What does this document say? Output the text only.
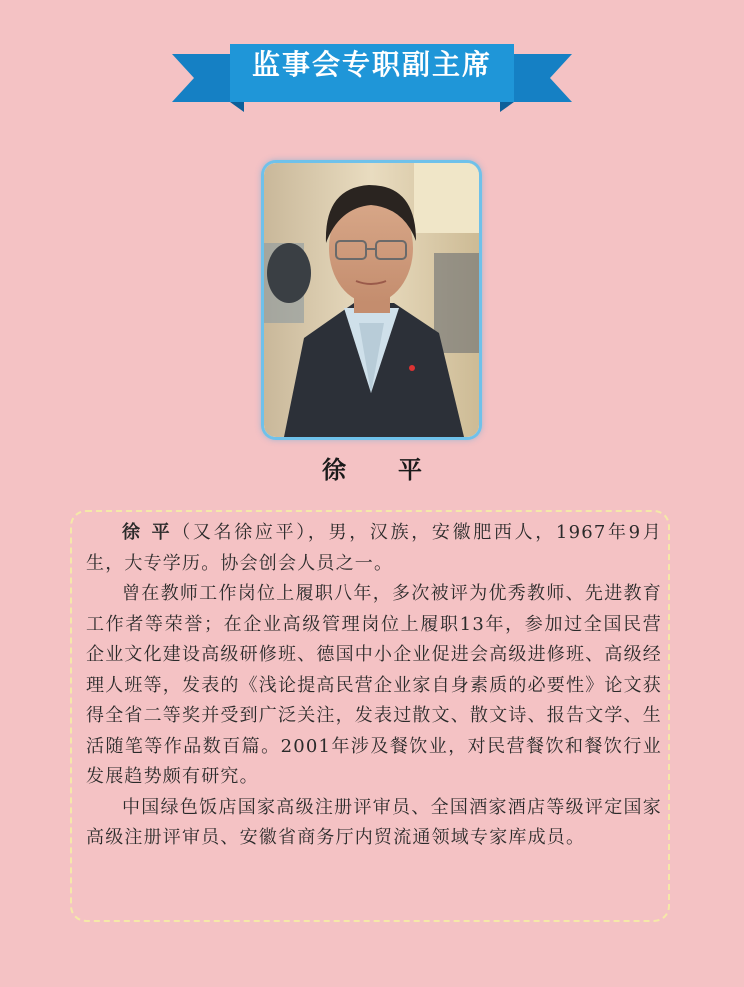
监事会专职副主席
徐　平

徐 平（又名徐应平），男，汉族，安徽肥西人，1967年9月生，大专学历。协会创会人员之一。

曾在教师工作岗位上履职八年，多次被评为优秀教师、先进教育工作者等荣誉；在企业高级管理岗位上履职13年，参加过全国民营企业文化建设高级研修班、德国中小企业促进会高级进修班、高级经理人班等，发表的《浅论提高民营企业家自身素质的必要性》论文获得全省二等奖并受到广泛关注，发表过散文、散文诗、报告文学、生活随笔等作品数百篇。2001年涉及餐饮业，对民营餐饮和餐饮行业发展趋势颇有研究。

中国绿色饭店国家高级注册评审员、全国酒家酒店等级评定国家高级注册评审员、安徽省商务厅内贸流通领域专家库成员。
